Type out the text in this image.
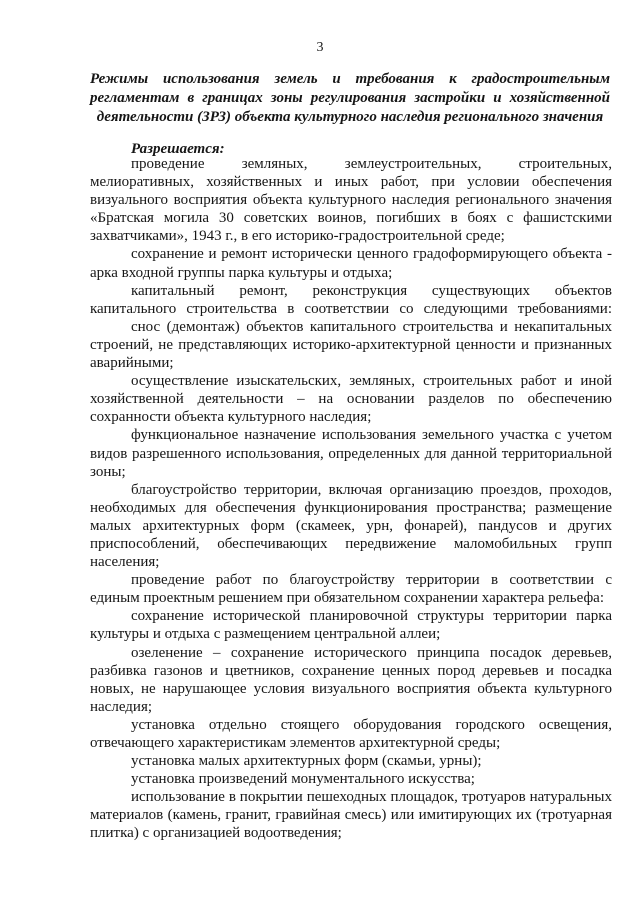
3
Режимы использования земель и требования к градостроительным регламентам в границах зоны регулирования застройки и хозяйственной деятельности (ЗРЗ) объекта культурного наследия регионального значения
Разрешается:

проведение земляных, землеустроительных, строительных, мелиоративных, хозяйственных и иных работ, при условии обеспечения визуального восприятия объекта культурного наследия регионального значения «Братская могила 30 советских воинов, погибших в боях с фашистскими захватчиками», 1943 г., в его историко-градостроительной среде;

сохранение и ремонт исторически ценного градоформирующего объекта - арка входной группы парка культуры и отдыха;

капитальный ремонт, реконструкция существующих объектов капитального строительства в соответствии со следующими требованиями:

снос (демонтаж) объектов капитального строительства и некапитальных строений, не представляющих историко-архитектурной ценности и признанных аварийными;

осуществление изыскательских, земляных, строительных работ и иной хозяйственной деятельности – на основании разделов по обеспечению сохранности объекта культурного наследия;

функциональное назначение использования земельного участка с учетом видов разрешенного использования, определенных для данной территориальной зоны;

благоустройство территории, включая организацию проездов, проходов, необходимых для обеспечения функционирования пространства; размещение малых архитектурных форм (скамеек, урн, фонарей), пандусов и других приспособлений, обеспечивающих передвижение маломобильных групп населения;

проведение работ по благоустройству территории в соответствии с единым проектным решением при обязательном сохранении характера рельефа:

сохранение исторической планировочной структуры территории парка культуры и отдыха с размещением центральной аллеи;

озеленение – сохранение исторического принципа посадок деревьев, разбивка газонов и цветников, сохранение ценных пород деревьев и посадка новых, не нарушающее условия визуального восприятия объекта культурного наследия;

установка отдельно стоящего оборудования городского освещения, отвечающего характеристикам элементов архитектурной среды;

установка малых архитектурных форм (скамьи, урны);

установка произведений монументального искусства;

использование в покрытии пешеходных площадок, тротуаров натуральных материалов (камень, гранит, гравийная смесь) или имитирующих их (тротуарная плитка) с организацией водоотведения;
